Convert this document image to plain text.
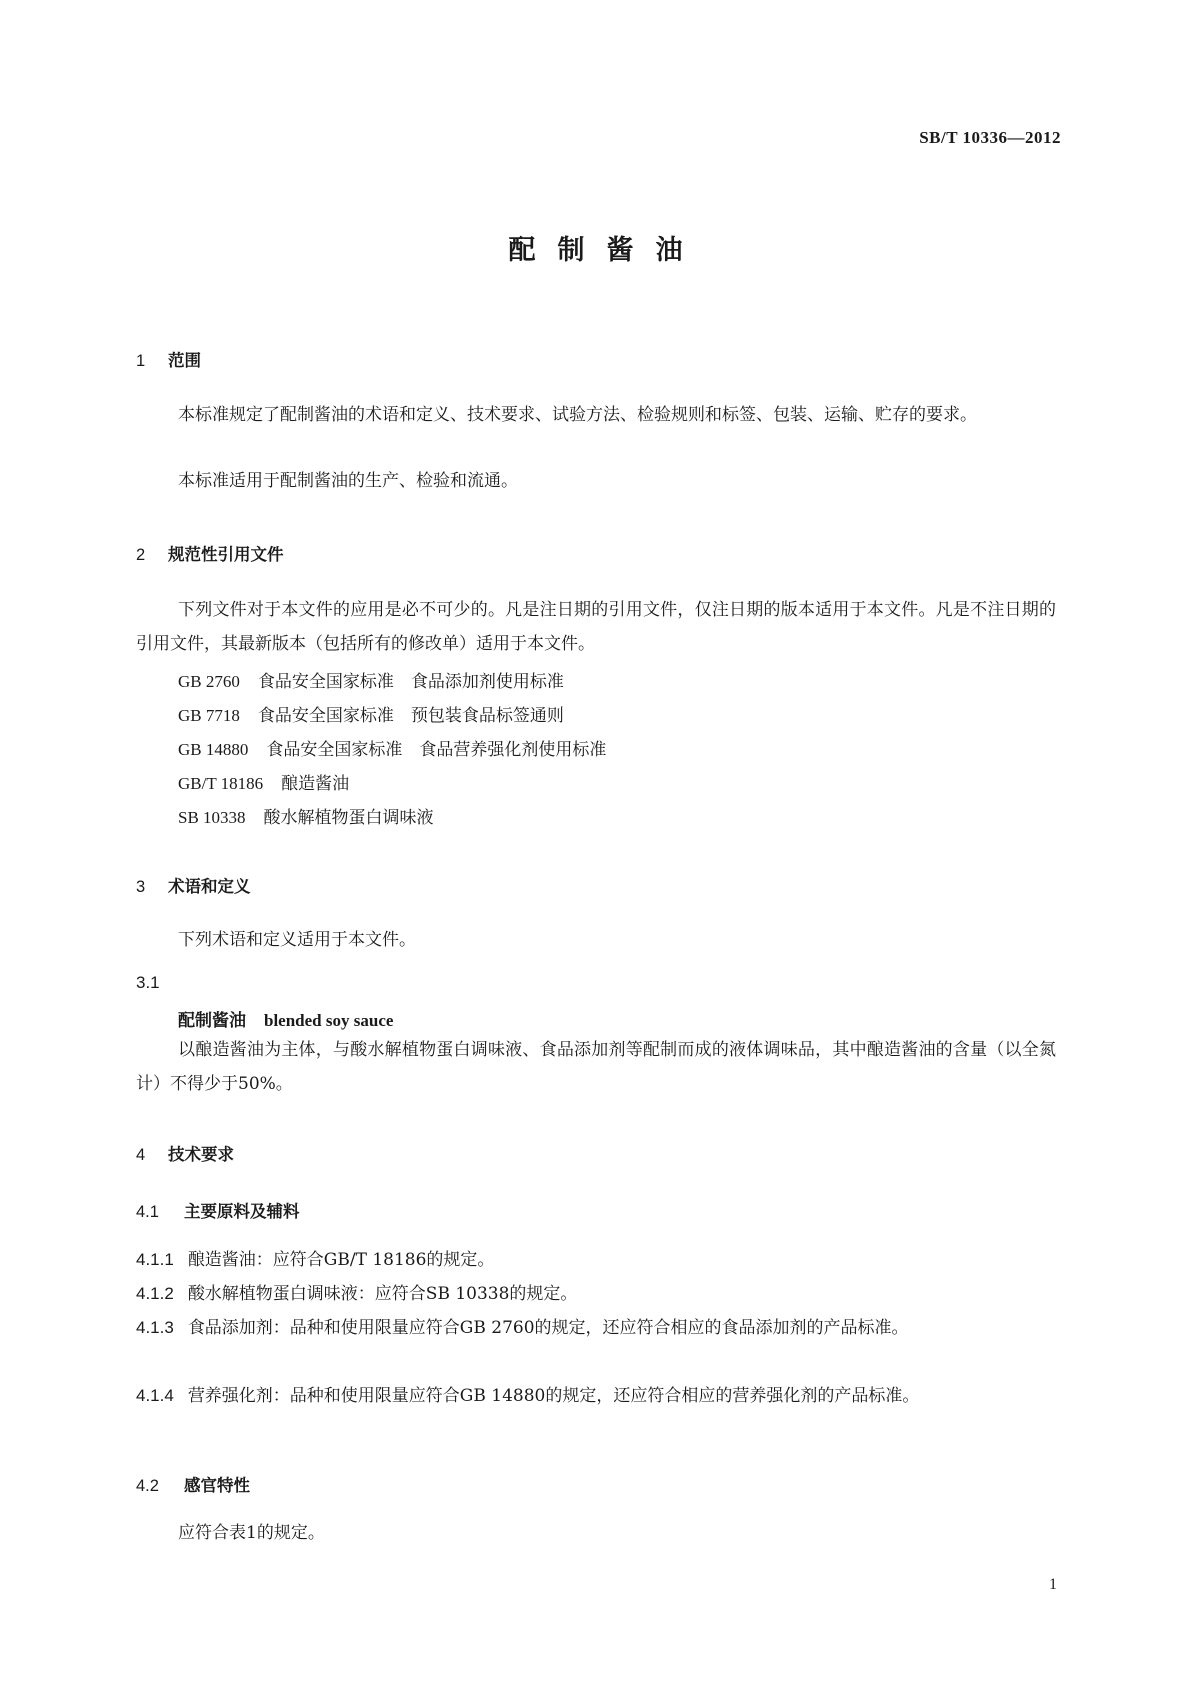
SB/T 10336—2012
配制酱油
1 范围
本标准规定了配制酱油的术语和定义、技术要求、试验方法、检验规则和标签、包装、运输、贮存的要求。
本标准适用于配制酱油的生产、检验和流通。
2 规范性引用文件
下列文件对于本文件的应用是必不可少的。凡是注日期的引用文件，仅注日期的版本适用于本文件。凡是不注日期的引用文件，其最新版本（包括所有的修改单）适用于本文件。
GB 2760 食品安全国家标准　食品添加剂使用标准
GB 7718 食品安全国家标准　预包装食品标签通则
GB 14880 食品安全国家标准　食品营养强化剂使用标准
GB/T 18186 酿造酱油
SB 10338 酸水解植物蛋白调味液
3 术语和定义
下列术语和定义适用于本文件。
3.1
配制酱油 blended soy sauce
以酿造酱油为主体，与酸水解植物蛋白调味液、食品添加剂等配制而成的液体调味品，其中酿造酱油的含量（以全氮计）不得少于50%。
4 技术要求
4.1 主要原料及辅料
4.1.1 酿造酱油：应符合GB/T 18186的规定。
4.1.2 酸水解植物蛋白调味液：应符合SB 10338的规定。
4.1.3 食品添加剂：品种和使用限量应符合GB 2760的规定，还应符合相应的食品添加剂的产品标准。
4.1.4 营养强化剂：品种和使用限量应符合GB 14880的规定，还应符合相应的营养强化剂的产品标准。
4.2 感官特性
应符合表1的规定。
1
